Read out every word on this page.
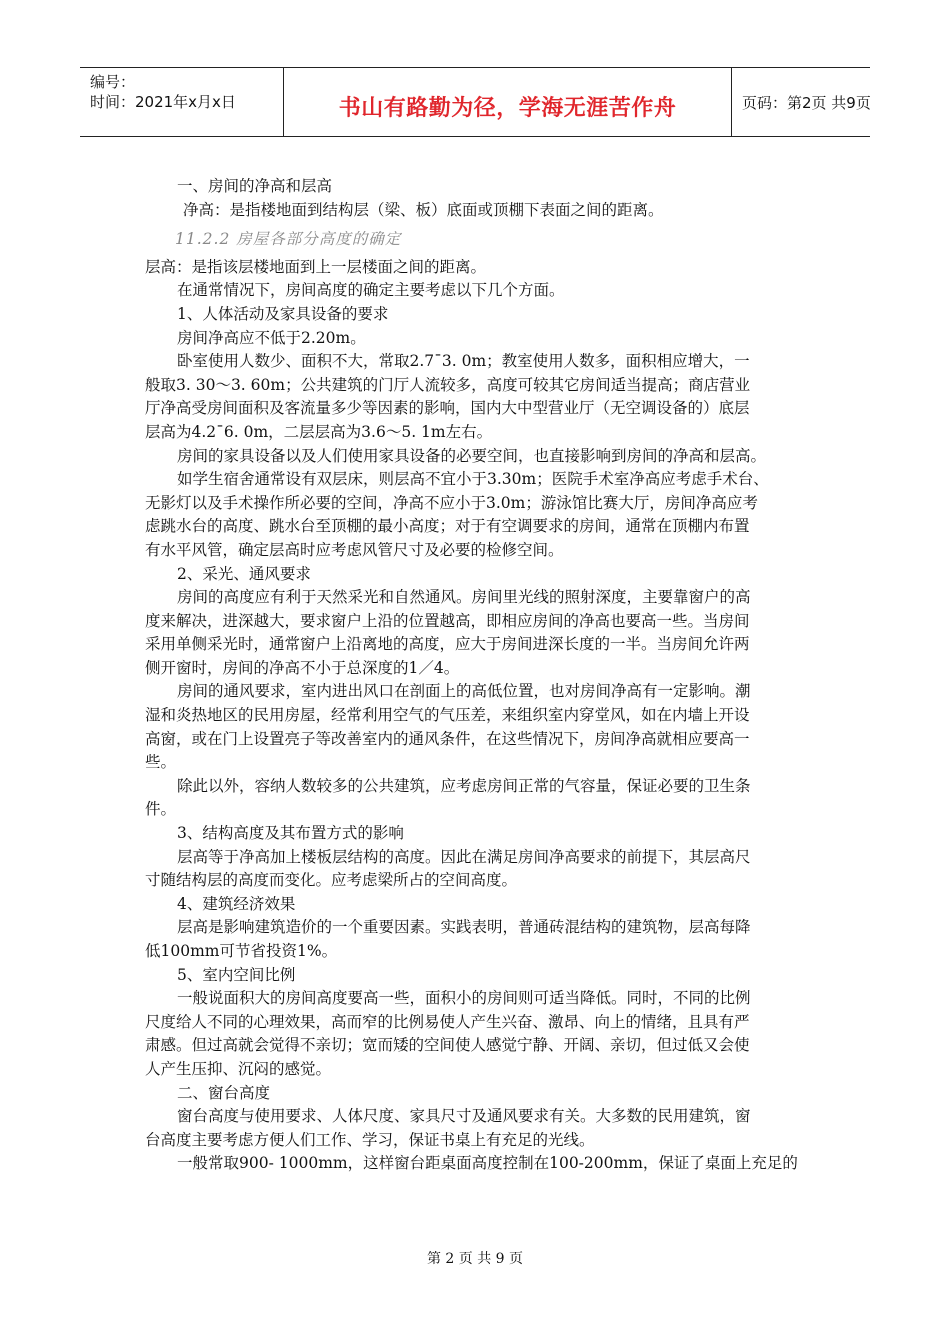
编号：
时间：2021年x月x日	书山有路勤为径，学海无涯苦作舟	页码：第2页 共9页
一、房间的净高和层高
净高：是指楼地面到结构层（梁、板）底面或顶棚下表面之间的距离。
11.2.2 房屋各部分高度的确定
层高：是指该层楼地面到上一层楼面之间的距离。
在通常情况下，房间高度的确定主要考虑以下几个方面。
1、人体活动及家具设备的要求
房间净高应不低于2.20m。
卧室使用人数少、面积不大，常取2.7¯3. 0m；教室使用人数多，面积相应增大，一
般取3. 30～3. 60m；公共建筑的门厅人流较多，高度可较其它房间适当提高；商店营业
厅净高受房间面积及客流量多少等因素的影响，国内大中型营业厅（无空调设备的）底层
层高为4.2¯6. 0m，二层层高为3.6～5. 1m左右。
房间的家具设备以及人们使用家具设备的必要空间，也直接影响到房间的净高和层高。
如学生宿舍通常设有双层床，则层高不宜小于3.30m；医院手术室净高应考虑手术台、
无影灯以及手术操作所必要的空间，净高不应小于3.0m；游泳馆比赛大厅，房间净高应考
虑跳水台的高度、跳水台至顶棚的最小高度；对于有空调要求的房间，通常在顶棚内布置
有水平风管，确定层高时应考虑风管尺寸及必要的检修空间。
2、采光、通风要求
房间的高度应有利于天然采光和自然通风。房间里光线的照射深度，主要靠窗户的高
度来解决，进深越大，要求窗户上沿的位置越高，即相应房间的净高也要高一些。当房间
采用单侧采光时，通常窗户上沿离地的高度，应大于房间进深长度的一半。当房间允许两
侧开窗时，房间的净高不小于总深度的1／4。
房间的通风要求，室内进出风口在剖面上的高低位置，也对房间净高有一定影响。潮
湿和炎热地区的民用房屋，经常利用空气的气压差，来组织室内穿堂风，如在内墙上开设
高窗，或在门上设置亮子等改善室内的通风条件，在这些情况下，房间净高就相应要高一
些。
除此以外，容纳人数较多的公共建筑，应考虑房间正常的气容量，保证必要的卫生条
件。
3、结构高度及其布置方式的影响
层高等于净高加上楼板层结构的高度。因此在满足房间净高要求的前提下，其层高尺
寸随结构层的高度而变化。应考虑梁所占的空间高度。
4、建筑经济效果
层高是影响建筑造价的一个重要因素。实践表明，普通砖混结构的建筑物，层高每降
低100mm可节省投资1%。
5、室内空间比例
一般说面积大的房间高度要高一些，面积小的房间则可适当降低。同时，不同的比例
尺度给人不同的心理效果，高而窄的比例易使人产生兴奋、激昂、向上的情绪，且具有严
肃感。但过高就会觉得不亲切；宽而矮的空间使人感觉宁静、开阔、亲切，但过低又会使
人产生压抑、沉闷的感觉。
二、窗台高度
窗台高度与使用要求、人体尺度、家具尺寸及通风要求有关。大多数的民用建筑，窗
台高度主要考虑方便人们工作、学习，保证书桌上有充足的光线。
一般常取900- 1000mm，这样窗台距桌面高度控制在100-200mm，保证了桌面上充足的
第 2 页 共 9 页
